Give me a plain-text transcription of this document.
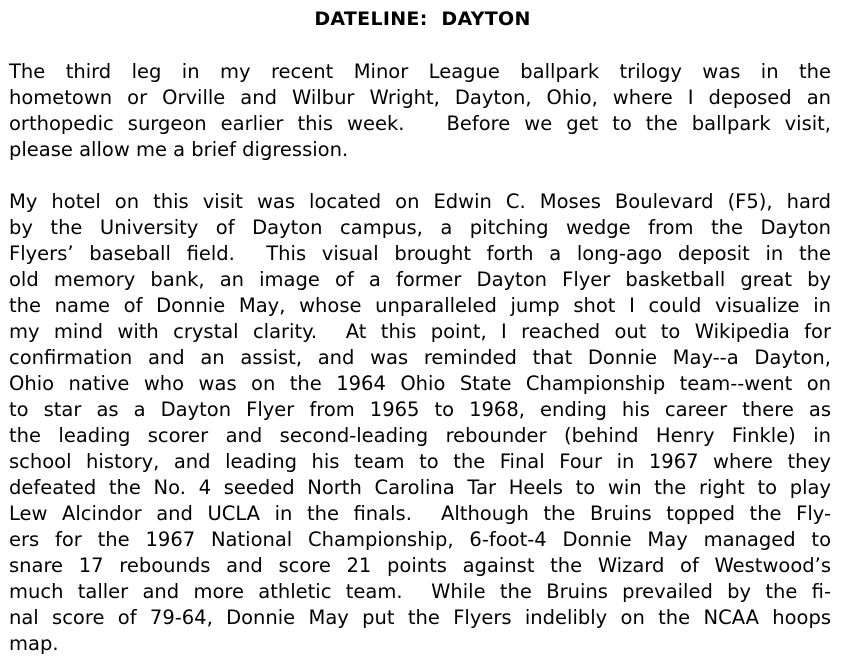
DATELINE:  DAYTON
The third leg in my recent Minor League ballpark trilogy was in the
hometown or Orville and Wilbur Wright, Dayton, Ohio, where I deposed an
orthopedic surgeon earlier this week.   Before we get to the ballpark visit,
please allow me a brief digression.
My hotel on this visit was located on Edwin C. Moses Boulevard (F5), hard
by the University of Dayton campus, a pitching wedge from the Dayton
Flyers’ baseball field.  This visual brought forth a long-ago deposit in the
old memory bank, an image of a former Dayton Flyer basketball great by
the name of Donnie May, whose unparalleled jump shot I could visualize in
my mind with crystal clarity.  At this point, I reached out to Wikipedia for
confirmation and an assist, and was reminded that Donnie May--a Dayton,
Ohio native who was on the 1964 Ohio State Championship team--went on
to star as a Dayton Flyer from 1965 to 1968, ending his career there as
the leading scorer and second-leading rebounder (behind Henry Finkle) in
school history, and leading his team to the Final Four in 1967 where they
defeated the No. 4 seeded North Carolina Tar Heels to win the right to play
Lew Alcindor and UCLA in the finals.  Although the Bruins topped the Fly-
ers for the 1967 National Championship, 6-foot-4 Donnie May managed to
snare 17 rebounds and score 21 points against the Wizard of Westwood’s
much taller and more athletic team.  While the Bruins prevailed by the fi-
nal score of 79-64, Donnie May put the Flyers indelibly on the NCAA hoops
map.
